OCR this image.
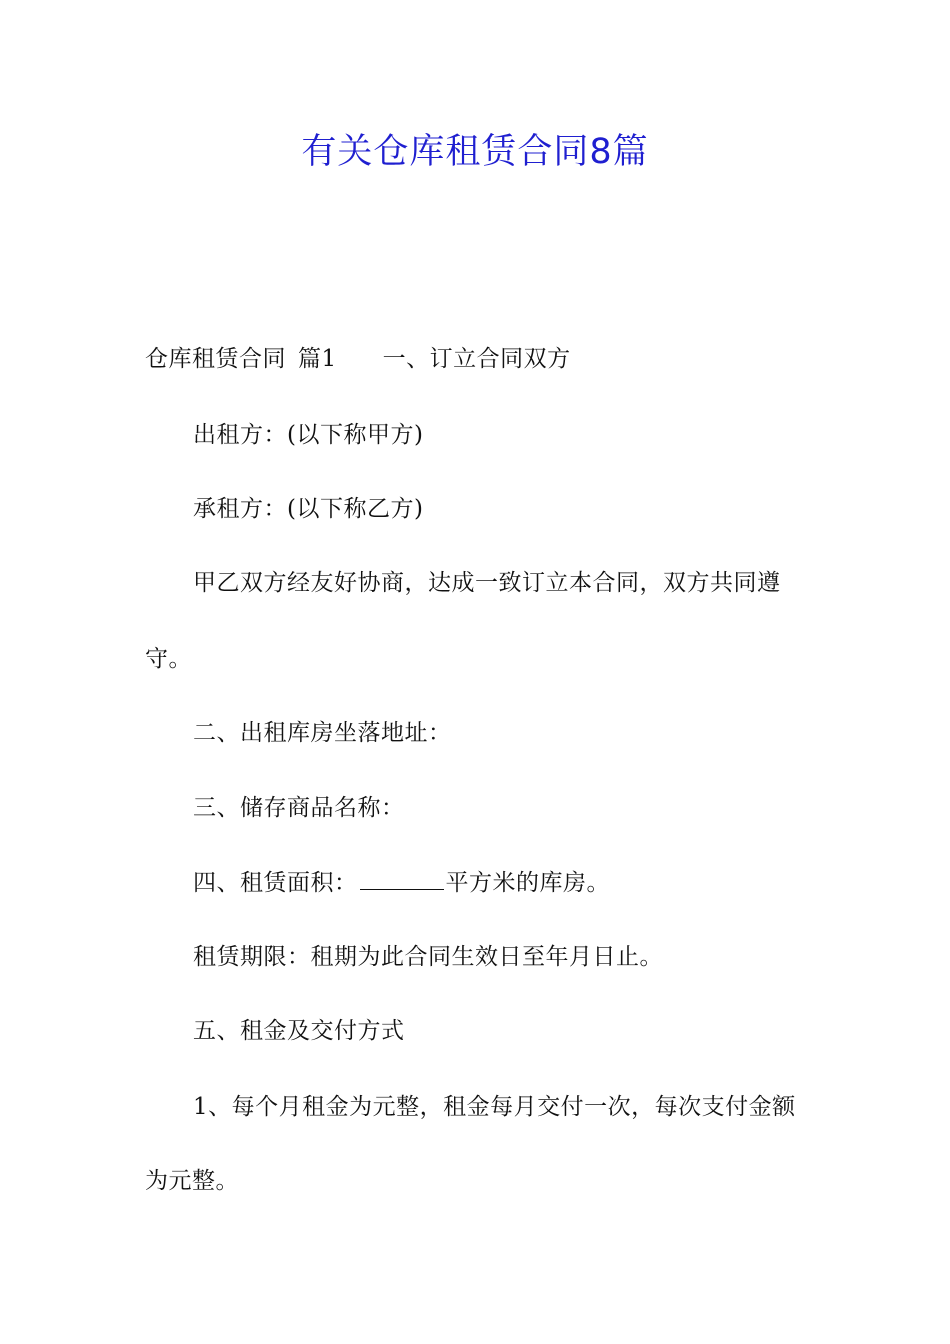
有关仓库租赁合同8篇
仓库租赁合同 篇1 一、订立合同双方
出租方：(以下称甲方)
承租方：(以下称乙方)
甲乙双方经友好协商，达成一致订立本合同，双方共同遵
守。
二、出租库房坐落地址：
三、储存商品名称：
四、租赁面积：	平方米的库房。
租赁期限：租期为此合同生效日至年月日止。
五、租金及交付方式
1、每个月租金为元整，租金每月交付一次，每次支付金额
为元整。
